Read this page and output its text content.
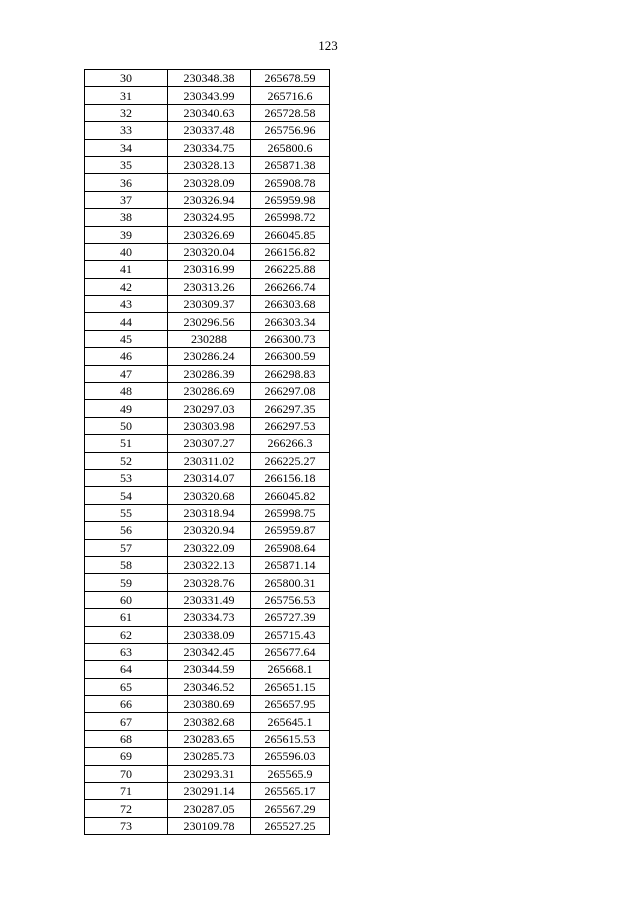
123
30	230348.38	265678.59
31	230343.99	265716.6
32	230340.63	265728.58
33	230337.48	265756.96
34	230334.75	265800.6
35	230328.13	265871.38
36	230328.09	265908.78
37	230326.94	265959.98
38	230324.95	265998.72
39	230326.69	266045.85
40	230320.04	266156.82
41	230316.99	266225.88
42	230313.26	266266.74
43	230309.37	266303.68
44	230296.56	266303.34
45	230288	266300.73
46	230286.24	266300.59
47	230286.39	266298.83
48	230286.69	266297.08
49	230297.03	266297.35
50	230303.98	266297.53
51	230307.27	266266.3
52	230311.02	266225.27
53	230314.07	266156.18
54	230320.68	266045.82
55	230318.94	265998.75
56	230320.94	265959.87
57	230322.09	265908.64
58	230322.13	265871.14
59	230328.76	265800.31
60	230331.49	265756.53
61	230334.73	265727.39
62	230338.09	265715.43
63	230342.45	265677.64
64	230344.59	265668.1
65	230346.52	265651.15
66	230380.69	265657.95
67	230382.68	265645.1
68	230283.65	265615.53
69	230285.73	265596.03
70	230293.31	265565.9
71	230291.14	265565.17
72	230287.05	265567.29
73	230109.78	265527.25
